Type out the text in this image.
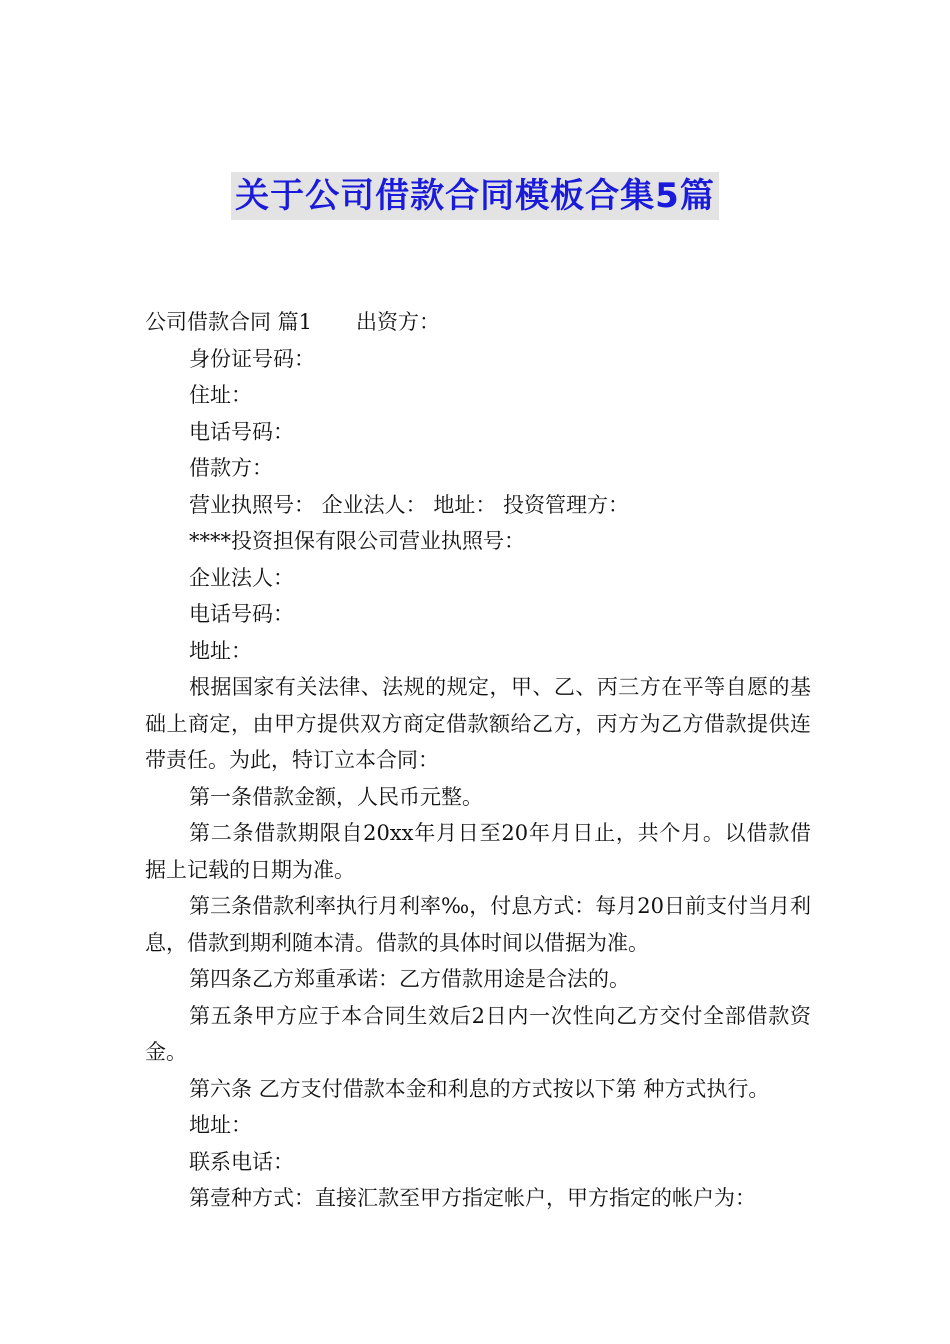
关于公司借款合同模板合集5篇

公司借款合同 篇1 出资方：

身份证号码：

住址：

电话号码：

借款方：

营业执照号： 企业法人： 地址： 投资管理方：

****投资担保有限公司营业执照号：

企业法人：

电话号码：

地址：

根据国家有关法律、法规的规定，甲、乙、丙三方在平等自愿的基础上商定，由甲方提供双方商定借款额给乙方，丙方为乙方借款提供连带责任。为此，特订立本合同：

第一条借款金额，人民币元整。

第二条借款期限自20xx年月日至20年月日止，共个月。以借款借据上记载的日期为准。

第三条借款利率执行月利率‰，付息方式：每月20日前支付当月利息，借款到期利随本清。借款的具体时间以借据为准。

第四条乙方郑重承诺：乙方借款用途是合法的。

第五条甲方应于本合同生效后2日内一次性向乙方交付全部借款资金。

第六条 乙方支付借款本金和利息的方式按以下第 种方式执行。

地址：

联系电话：

第壹种方式：直接汇款至甲方指定帐户，甲方指定的帐户为：
